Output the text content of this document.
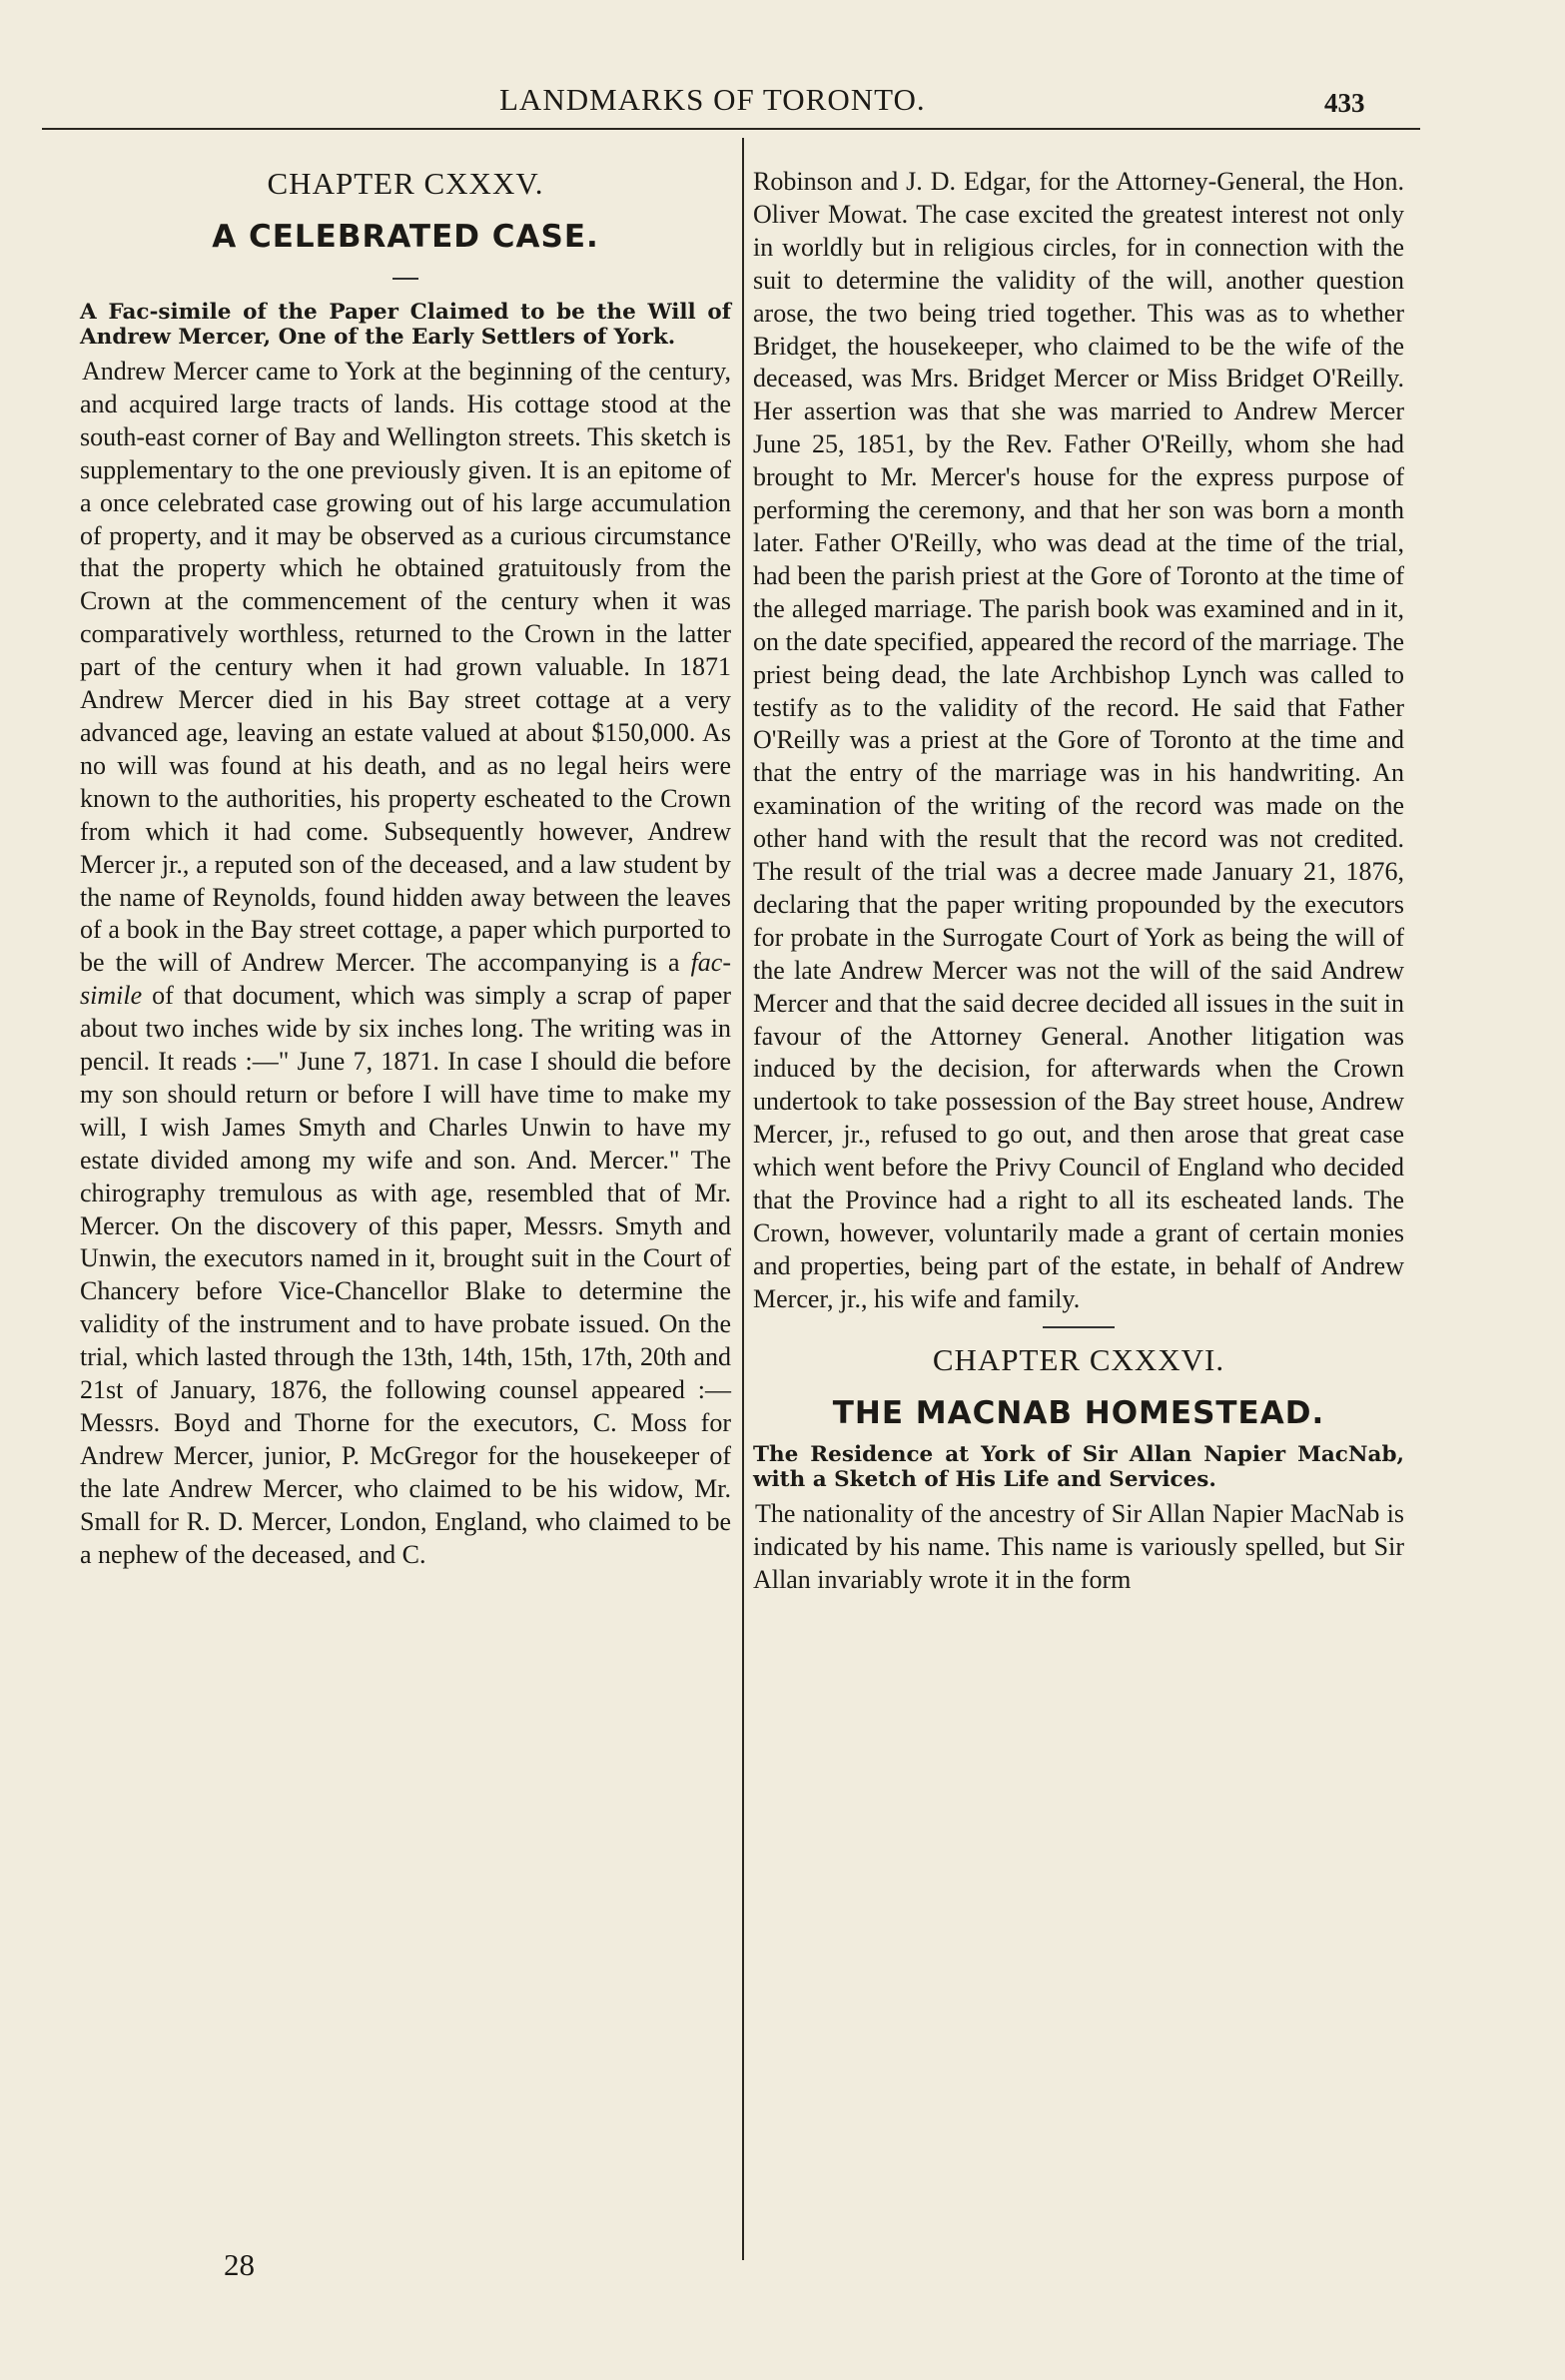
LANDMARKS OF TORONTO.	433
CHAPTER CXXXV.
A CELEBRATED CASE.
A Fac-simile of the Paper Claimed to be the Will of Andrew Mercer, One of the Early Settlers of York.

Andrew Mercer came to York at the beginning of the century, and acquired large tracts of lands. His cottage stood at the south-east corner of Bay and Wellington streets. This sketch is supplementary to the one previously given. It is an epitome of a once celebrated case growing out of his large accumulation of property, and it may be observed as a curious circumstance that the property which he obtained gratuitously from the Crown at the commencement of the century when it was comparatively worthless, returned to the Crown in the latter part of the century when it had grown valuable. In 1871 Andrew Mercer died in his Bay street cottage at a very advanced age, leaving an estate valued at about $150,000. As no will was found at his death, and as no legal heirs were known to the authorities, his property escheated to the Crown from which it had come. Subsequently however, Andrew Mercer jr., a reputed son of the deceased, and a law student by the name of Reynolds, found hidden away between the leaves of a book in the Bay street cottage, a paper which purported to be the will of Andrew Mercer. The accompanying is a fac-simile of that document, which was simply a scrap of paper about two inches wide by six inches long. The writing was in pencil. It reads :—" June 7, 1871. In case I should die before my son should return or before I will have time to make my will, I wish James Smyth and Charles Unwin to have my estate divided among my wife and son. And. Mercer." The chirography tremulous as with age, resembled that of Mr. Mercer. On the discovery of this paper, Messrs. Smyth and Unwin, the executors named in it, brought suit in the Court of Chancery before Vice-Chancellor Blake to determine the validity of the instrument and to have probate issued. On the trial, which lasted through the 13th, 14th, 15th, 17th, 20th and 21st of January, 1876, the following counsel appeared :—Messrs. Boyd and Thorne for the executors, C. Moss for Andrew Mercer, junior, P. McGregor for the housekeeper of the late Andrew Mercer, who claimed to be his widow, Mr. Small for R. D. Mercer, London, England, who claimed to be a nephew of the deceased, and C.

Robinson and J. D. Edgar, for the Attorney-General, the Hon. Oliver Mowat. The case excited the greatest interest not only in worldly but in religious circles, for in connection with the suit to determine the validity of the will, another question arose, the two being tried together. This was as to whether Bridget, the housekeeper, who claimed to be the wife of the deceased, was Mrs. Bridget Mercer or Miss Bridget O'Reilly. Her assertion was that she was married to Andrew Mercer June 25, 1851, by the Rev. Father O'Reilly, whom she had brought to Mr. Mercer's house for the express purpose of performing the ceremony, and that her son was born a month later. Father O'Reilly, who was dead at the time of the trial, had been the parish priest at the Gore of Toronto at the time of the alleged marriage. The parish book was examined and in it, on the date specified, appeared the record of the marriage. The priest being dead, the late Archbishop Lynch was called to testify as to the validity of the record. He said that Father O'Reilly was a priest at the Gore of Toronto at the time and that the entry of the marriage was in his handwriting. An examination of the writing of the record was made on the other hand with the result that the record was not credited. The result of the trial was a decree made January 21, 1876, declaring that the paper writing propounded by the executors for probate in the Surrogate Court of York as being the will of the late Andrew Mercer was not the will of the said Andrew Mercer and that the said decree decided all issues in the suit in favour of the Attorney General. Another litigation was induced by the decision, for afterwards when the Crown undertook to take possession of the Bay street house, Andrew Mercer, jr., refused to go out, and then arose that great case which went before the Privy Council of England who decided that the Province had a right to all its escheated lands. The Crown, however, voluntarily made a grant of certain monies and properties, being part of the estate, in behalf of Andrew Mercer, jr., his wife and family.

CHAPTER CXXXVI.
THE MACNAB HOMESTEAD.
The Residence at York of Sir Allan Napier MacNab, with a Sketch of His Life and Services.

The nationality of the ancestry of Sir Allan Napier MacNab is indicated by his name. This name is variously spelled, but Sir Allan invariably wrote it in the form

28
